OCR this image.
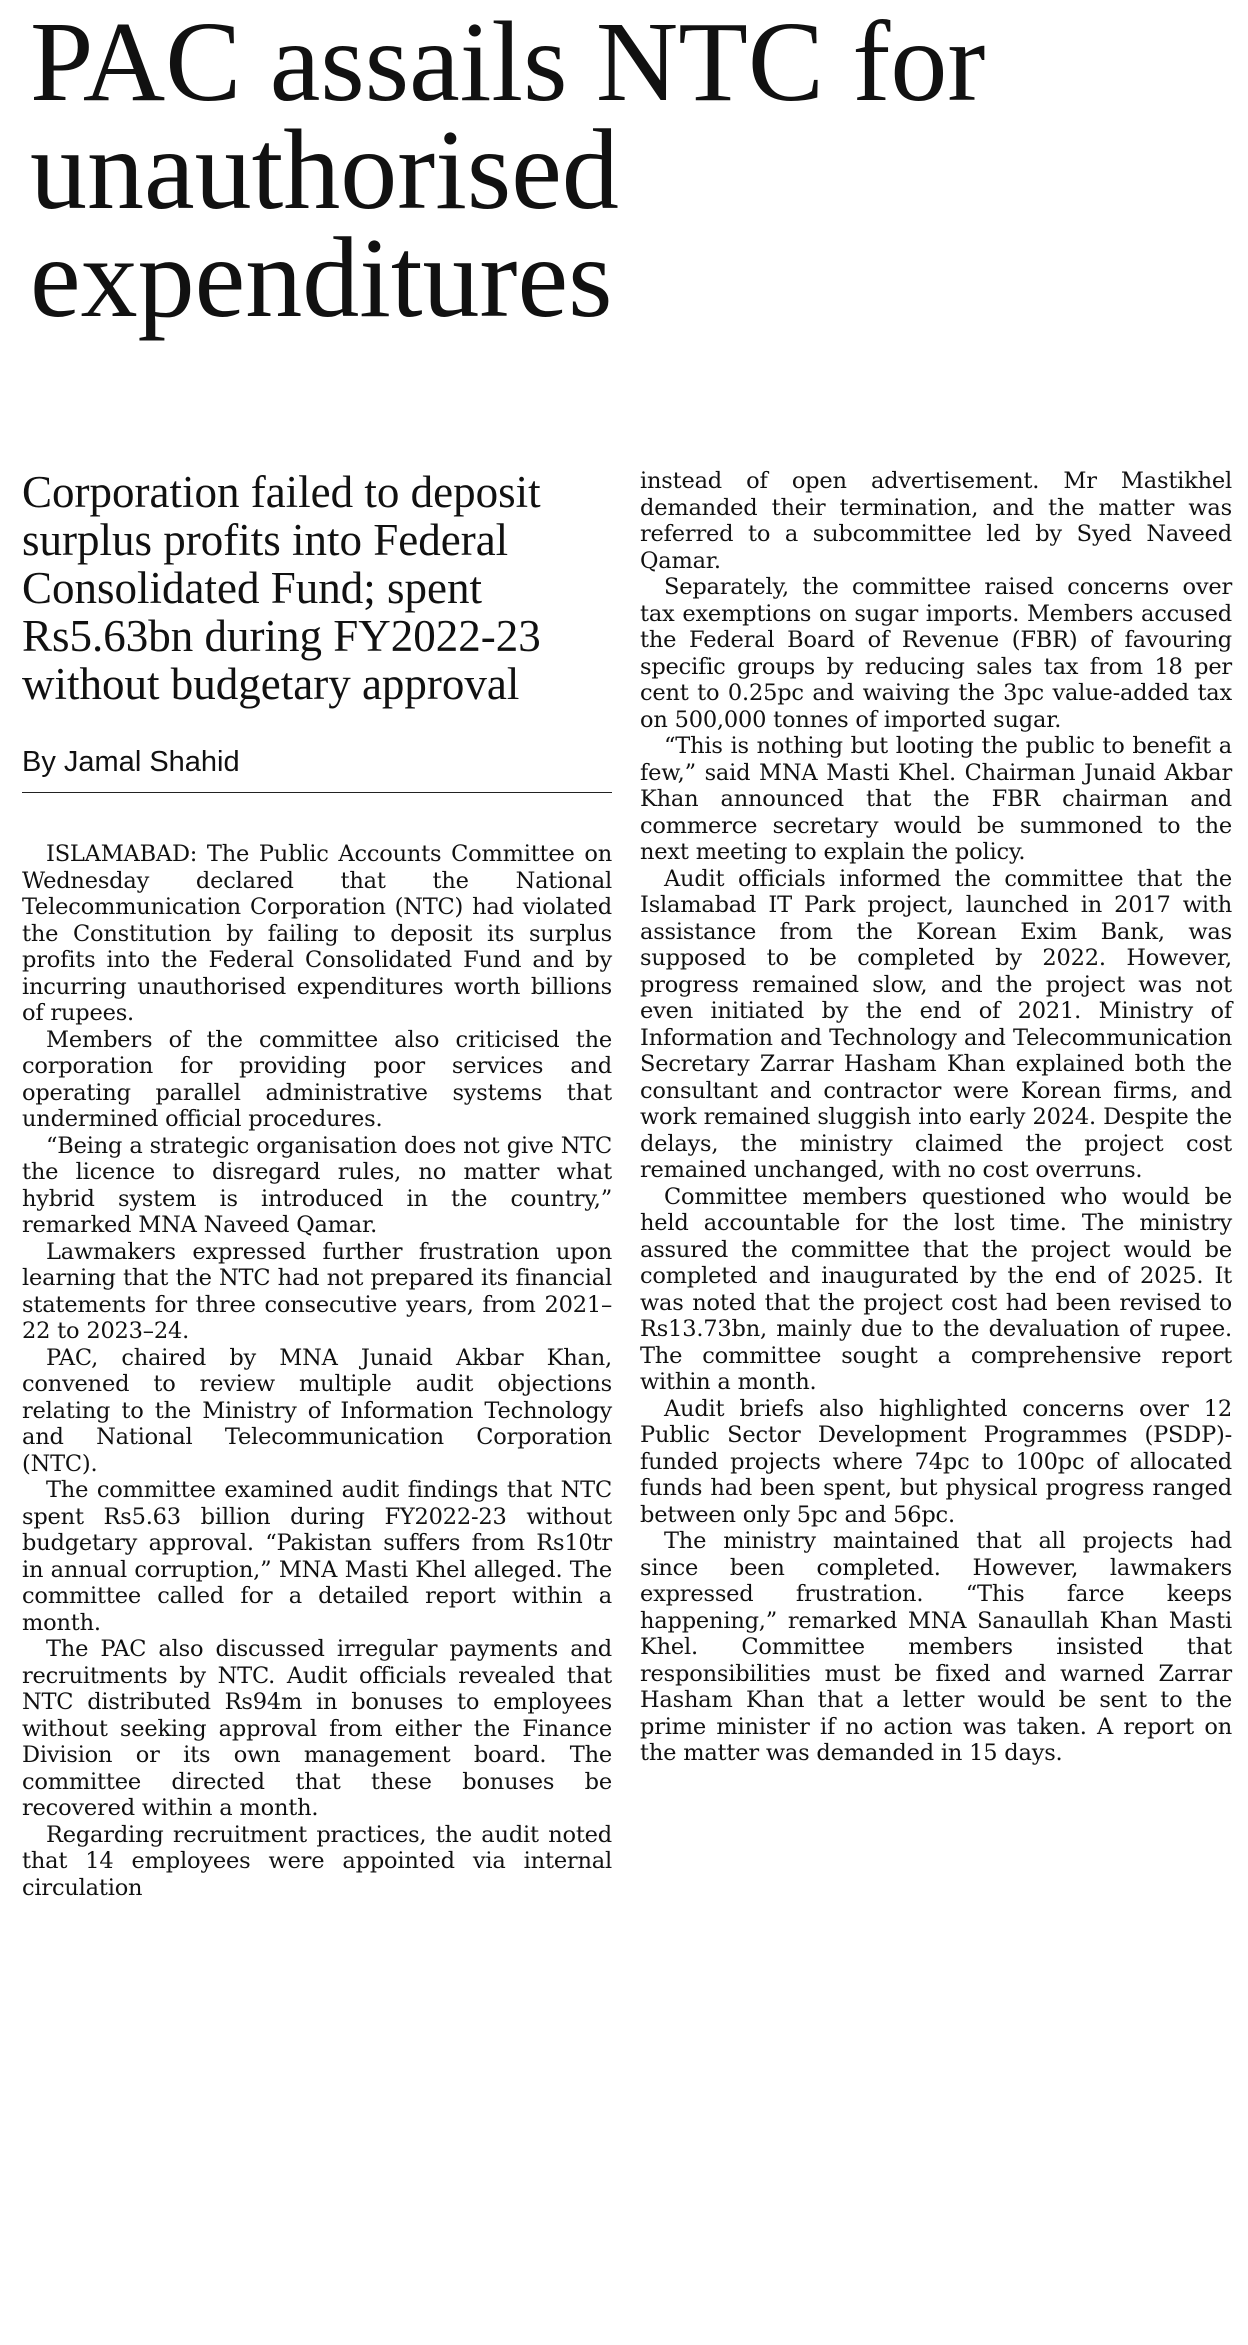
PAC assails NTC for unauthorised expenditures
Corporation failed to deposit surplus profits into Federal Consolidated Fund; spent Rs5.63bn during FY2022-23 without budgetary approval
By Jamal Shahid

ISLAMABAD: The Public Accounts Committee on Wednesday declared that the National Telecommunication Corporation (NTC) had violated the Constitution by failing to deposit its surplus profits into the Federal Consolidated Fund and by incurring unauthorised expenditures worth billions of rupees.

Members of the committee also criticised the corporation for providing poor services and operating parallel administrative systems that undermined official procedures.

“Being a strategic organisation does not give NTC the licence to disregard rules, no matter what hybrid system is introduced in the country,” remarked MNA Naveed Qamar.

Lawmakers expressed further frustration upon learning that the NTC had not prepared its financial statements for three consecutive years, from 2021–22 to 2023–24.

PAC, chaired by MNA Junaid Akbar Khan, convened to review multiple audit objections relating to the Ministry of Information Technology and National Telecommunication Corporation (NTC).

The committee examined audit findings that NTC spent Rs5.63 billion during FY2022-23 without budgetary approval. “Pakistan suffers from Rs10tr in annual corruption,” MNA Masti Khel alleged. The committee called for a detailed report within a month.

The PAC also discussed irregular payments and recruitments by NTC. Audit officials revealed that NTC distributed Rs94m in bonuses to employees without seeking approval from either the Finance Division or its own management board. The committee directed that these bonuses be recovered within a month.

Regarding recruitment practices, the audit noted that 14 employees were appointed via internal circulation

instead of open advertisement. Mr Mastikhel demanded their termination, and the matter was referred to a subcommittee led by Syed Naveed Qamar.

Separately, the committee raised concerns over tax exemptions on sugar imports. Members accused the Federal Board of Revenue (FBR) of favouring specific groups by reducing sales tax from 18 per cent to 0.25pc and waiving the 3pc value-added tax on 500,000 tonnes of imported sugar.

“This is nothing but looting the public to benefit a few,” said MNA Masti Khel. Chairman Junaid Akbar Khan announced that the FBR chairman and commerce secretary would be summoned to the next meeting to explain the policy.

Audit officials informed the committee that the Islamabad IT Park project, launched in 2017 with assistance from the Korean Exim Bank, was supposed to be completed by 2022. However, progress remained slow, and the project was not even initiated by the end of 2021. Ministry of Information and Technology and Telecommunication Secretary Zarrar Hasham Khan explained both the consultant and contractor were Korean firms, and work remained sluggish into early 2024. Despite the delays, the ministry claimed the project cost remained unchanged, with no cost overruns.

Committee members questioned who would be held accountable for the lost time. The ministry assured the committee that the project would be completed and inaugurated by the end of 2025. It was noted that the project cost had been revised to Rs13.73bn, mainly due to the devaluation of rupee. The committee sought a comprehensive report within a month.

Audit briefs also highlighted concerns over 12 Public Sector Development Programmes (PSDP)-funded projects where 74pc to 100pc of allocated funds had been spent, but physical progress ranged between only 5pc and 56pc.

The ministry maintained that all projects had since been completed. However, lawmakers expressed frustration. “This farce keeps happening,” remarked MNA Sanaullah Khan Masti Khel. Committee members insisted that responsibilities must be fixed and warned Zarrar Hasham Khan that a letter would be sent to the prime minister if no action was taken. A report on the matter was demanded in 15 days.
